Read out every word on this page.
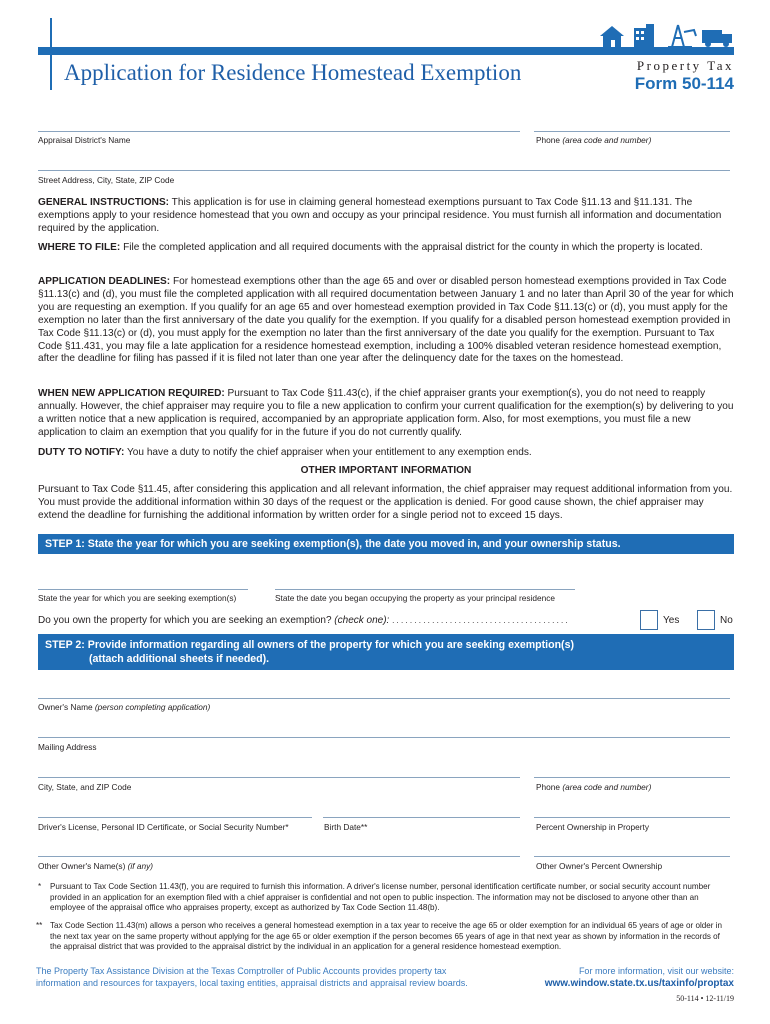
Application for Residence Homestead Exemption	Property Tax
Form 50-114
Appraisal District's Name	Phone (area code and number)
Street Address, City, State, ZIP Code
GENERAL INSTRUCTIONS: This application is for use in claiming general homestead exemptions pursuant to Tax Code §11.13 and §11.131. The exemptions apply to your residence homestead that you own and occupy as your principal residence. You must furnish all information and documentation required by the application.
WHERE TO FILE: File the completed application and all required documents with the appraisal district for the county in which the property is located.
APPLICATION DEADLINES: For homestead exemptions other than the age 65 and over or disabled person homestead exemptions provided in Tax Code §11.13(c) and (d), you must file the completed application with all required documentation between January 1 and no later than April 30 of the year for which you are requesting an exemption. If you qualify for an age 65 and over homestead exemption provided in Tax Code §11.13(c) or (d), you must apply for the exemption no later than the first anniversary of the date you qualify for the exemption. If you qualify for a disabled person homestead exemption provided in Tax Code §11.13(c) or (d), you must apply for the exemption no later than the first anniversary of the date you qualify for the exemption. Pursuant to Tax Code §11.431, you may file a late application for a residence homestead exemption, including a 100% disabled veteran residence homestead exemption, after the deadline for filing has passed if it is filed not later than one year after the delinquency date for the taxes on the homestead.
WHEN NEW APPLICATION REQUIRED: Pursuant to Tax Code §11.43(c), if the chief appraiser grants your exemption(s), you do not need to reapply annually. However, the chief appraiser may require you to file a new application to confirm your current qualification for the exemption(s) by delivering to you a written notice that a new application is required, accompanied by an appropriate application form. Also, for most exemptions, you must file a new application to claim an exemption that you qualify for in the future if you do not currently qualify.
DUTY TO NOTIFY: You have a duty to notify the chief appraiser when your entitlement to any exemption ends.
OTHER IMPORTANT INFORMATION
Pursuant to Tax Code §11.45, after considering this application and all relevant information, the chief appraiser may request additional information from you. You must provide the additional information within 30 days of the request or the application is denied. For good cause shown, the chief appraiser may extend the deadline for furnishing the additional information by written order for a single period not to exceed 15 days.
STEP 1: State the year for which you are seeking exemption(s), the date you moved in, and your ownership status.
State the year for which you are seeking exemption(s)	State the date you began occupying the property as your principal residence
Do you own the property for which you are seeking an exemption? (check one): . . . . . . . . . . . . . . . . . . . . . . . . . . . . . . . . . . . . . . . .	Yes	No
STEP 2: Provide information regarding all owners of the property for which you are seeking exemption(s)
(attach additional sheets if needed).
Owner's Name (person completing application)
Mailing Address
City, State, and ZIP Code	Phone (area code and number)
Driver's License, Personal ID Certificate, or Social Security Number*	Birth Date**	Percent Ownership in Property
Other Owner's Name(s) (if any)	Other Owner's Percent Ownership
* Pursuant to Tax Code Section 11.43(f), you are required to furnish this information. A driver's license number, personal identification certificate number, or social security account number provided in an application for an exemption filed with a chief appraiser is confidential and not open to public inspection. The information may not be disclosed to anyone other than an employee of the appraisal office who appraises property, except as authorized by Tax Code Section 11.48(b).
** Tax Code Section 11.43(m) allows a person who receives a general homestead exemption in a tax year to receive the age 65 or older exemption for an individual 65 years of age or older in the next tax year on the same property without applying for the age 65 or older exemption if the person becomes 65 years of age in that next year as shown by information in the records of the appraisal district that was provided to the appraisal district by the individual in an application for a general residence homestead exemption.
The Property Tax Assistance Division at the Texas Comptroller of Public Accounts provides property tax
information and resources for taxpayers, local taxing entities, appraisal districts and appraisal review boards.
For more information, visit our website:
www.window.state.tx.us/taxinfo/proptax
50-114 • 12-11/19
